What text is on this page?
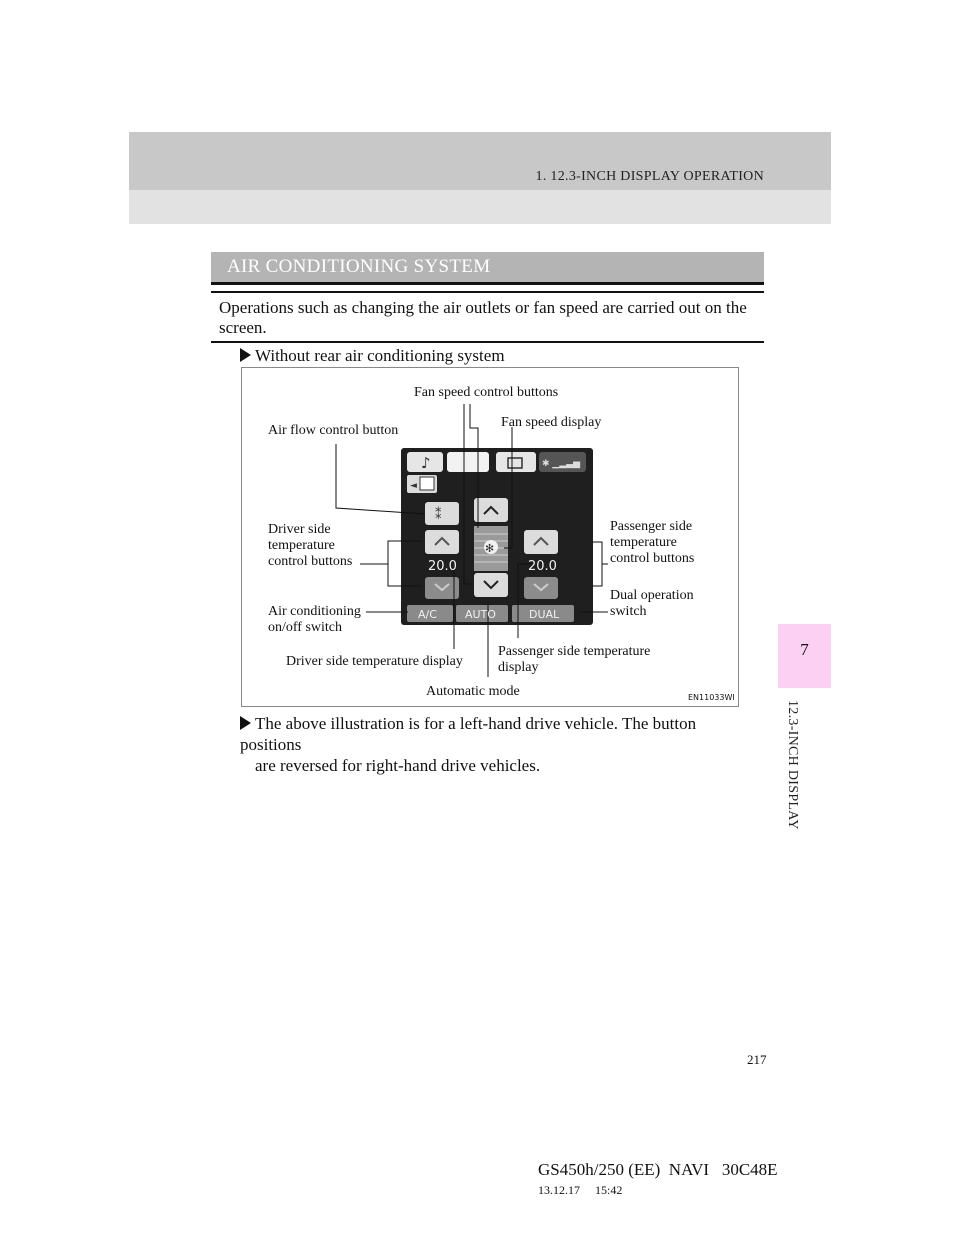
1. 12.3-INCH DISPLAY OPERATION
7
12.3-INCH DISPLAY
AIR CONDITIONING SYSTEM
Operations such as changing the air outlets or fan speed are carried out on the screen.
Without rear air conditioning system
♪	✱ ▁▂▃▅
◄
⁑
✻
EN11033WI
20.0	20.0
A/C	AUTO	DUAL
Fan speed control buttons
Fan speed display
Air flow control button
Driver side
temperature
control buttons
Passenger side
temperature
control buttons
Dual operation
switch
Air conditioning
on/off switch
Driver side temperature display
Passenger side temperature
display
Automatic mode
The above illustration is for a left-hand drive vehicle. The button positions
are reversed for right-hand drive vehicles.
217
GS450h/250 (EE)  NAVI   30C48E
13.12.17     15:42
